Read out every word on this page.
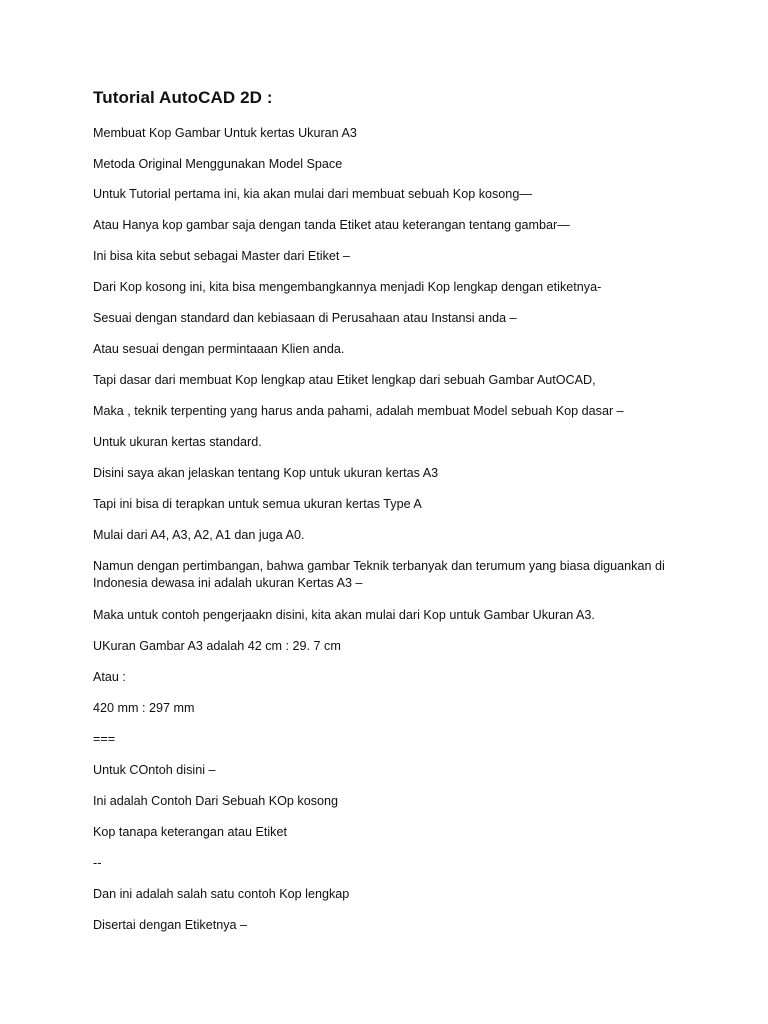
Tutorial AutoCAD 2D :
Membuat Kop Gambar Untuk kertas Ukuran A3
Metoda Original Menggunakan Model Space
Untuk Tutorial pertama ini, kia akan mulai dari membuat sebuah Kop kosong—
Atau Hanya kop gambar saja dengan tanda Etiket atau keterangan tentang gambar—
Ini bisa kita sebut sebagai Master dari Etiket –
Dari Kop kosong ini, kita bisa mengembangkannya menjadi Kop lengkap dengan etiketnya-
Sesuai dengan standard dan kebiasaan di Perusahaan atau Instansi anda –
Atau sesuai dengan permintaaan Klien anda.
Tapi dasar dari membuat Kop lengkap atau Etiket lengkap dari sebuah Gambar AutOCAD,
Maka , teknik terpenting yang harus anda pahami, adalah membuat Model sebuah Kop dasar –
Untuk ukuran kertas standard.
Disini saya akan jelaskan tentang Kop untuk ukuran kertas A3
Tapi ini bisa di terapkan untuk semua ukuran kertas Type A
Mulai dari A4, A3, A2, A1 dan juga A0.
Namun dengan pertimbangan, bahwa gambar Teknik terbanyak dan terumum yang biasa diguankan di Indonesia dewasa ini adalah ukuran Kertas A3 –
Maka untuk contoh pengerjaakn disini, kita akan mulai dari Kop untuk Gambar Ukuran A3.
UKuran Gambar A3 adalah 42 cm : 29. 7 cm
Atau :
420 mm : 297 mm
===
Untuk COntoh disini –
Ini adalah Contoh Dari Sebuah KOp kosong
Kop tanapa keterangan atau Etiket
--
Dan ini adalah salah satu contoh Kop lengkap
Disertai dengan Etiketnya –
